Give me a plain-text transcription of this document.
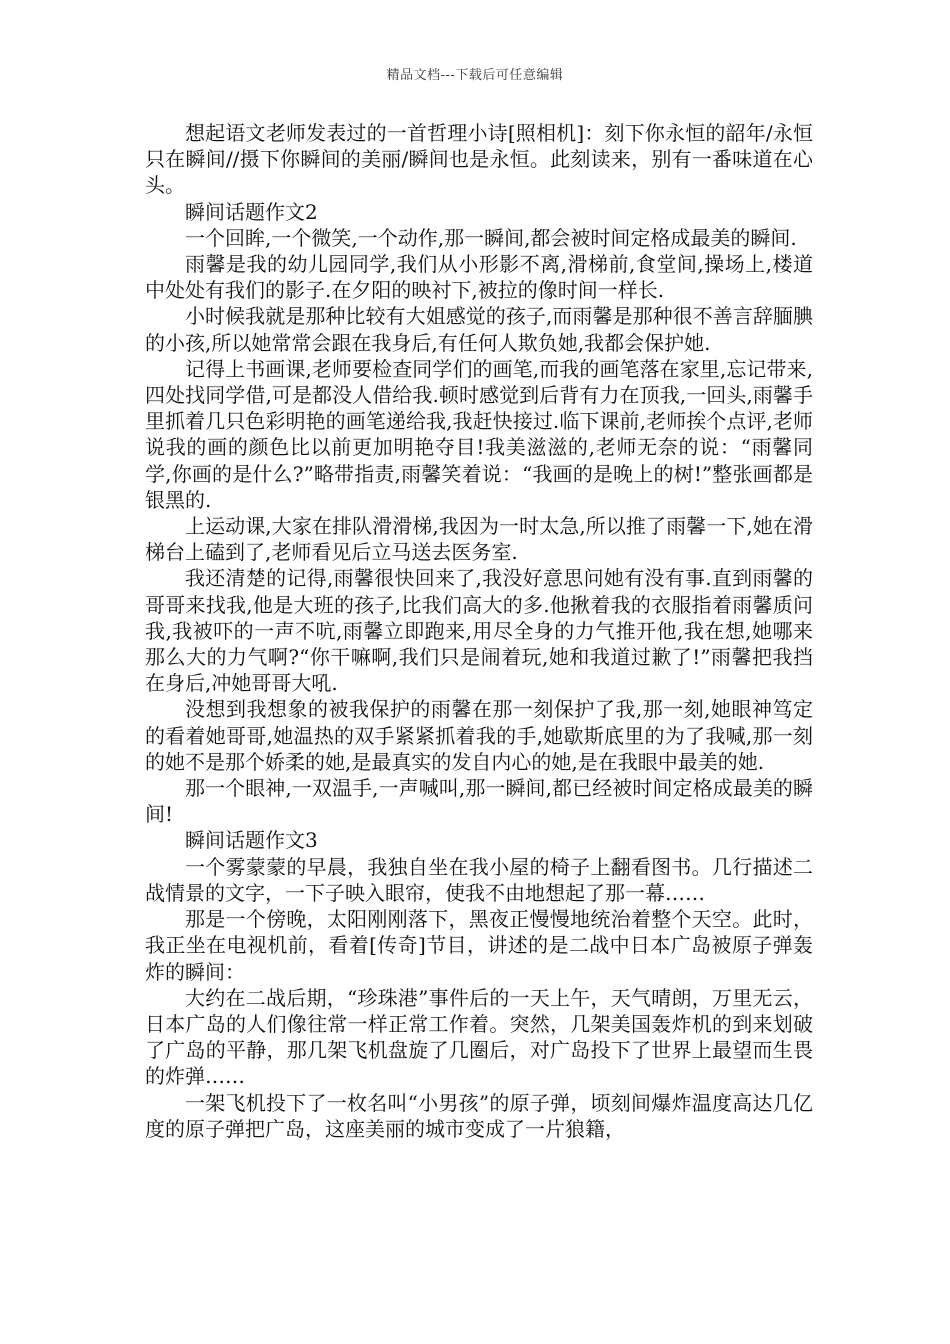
精品文档---下载后可任意编辑

想起语文老师发表过的一首哲理小诗[照相机]：刻下你永恒的韶年/永恒只在瞬间//摄下你瞬间的美丽/瞬间也是永恒。此刻读来，别有一番味道在心头。

瞬间话题作文2

一个回眸,一个微笑,一个动作,那一瞬间,都会被时间定格成最美的瞬间.

雨馨是我的幼儿园同学,我们从小形影不离,滑梯前,食堂间,操场上,楼道中处处有我们的影子.在夕阳的映衬下,被拉的像时间一样长.

小时候我就是那种比较有大姐感觉的孩子,而雨馨是那种很不善言辞腼腆的小孩,所以她常常会跟在我身后,有任何人欺负她,我都会保护她.

记得上书画课,老师要检查同学们的画笔,而我的画笔落在家里,忘记带来,四处找同学借,可是都没人借给我.顿时感觉到后背有力在顶我,一回头,雨馨手里抓着几只色彩明艳的画笔递给我,我赶快接过.临下课前,老师挨个点评,老师说我的画的颜色比以前更加明艳夺目!我美滋滋的,老师无奈的说：“雨馨同学,你画的是什么?”略带指责,雨馨笑着说：“我画的是晚上的树!”整张画都是银黑的.

上运动课,大家在排队滑滑梯,我因为一时太急,所以推了雨馨一下,她在滑梯台上磕到了,老师看见后立马送去医务室.

我还清楚的记得,雨馨很快回来了,我没好意思问她有没有事.直到雨馨的哥哥来找我,他是大班的孩子,比我们高大的多.他揪着我的衣服指着雨馨质问我,我被吓的一声不吭,雨馨立即跑来,用尽全身的力气推开他,我在想,她哪来那么大的力气啊?“你干嘛啊,我们只是闹着玩,她和我道过歉了!”雨馨把我挡在身后,冲她哥哥大吼.

没想到我想象的被我保护的雨馨在那一刻保护了我,那一刻,她眼神笃定的看着她哥哥,她温热的双手紧紧抓着我的手,她歇斯底里的为了我喊,那一刻的她不是那个娇柔的她,是最真实的发自内心的她,是在我眼中最美的她.

那一个眼神,一双温手,一声喊叫,那一瞬间,都已经被时间定格成最美的瞬间!

瞬间话题作文3

一个雾蒙蒙的早晨，我独自坐在我小屋的椅子上翻看图书。几行描述二战情景的文字，一下子映入眼帘，使我不由地想起了那一幕……

那是一个傍晚，太阳刚刚落下，黑夜正慢慢地统治着整个天空。此时，我正坐在电视机前，看着[传奇]节目，讲述的是二战中日本广岛被原子弹轰炸的瞬间：

大约在二战后期，“珍珠港”事件后的一天上午，天气晴朗，万里无云，日本广岛的人们像往常一样正常工作着。突然，几架美国轰炸机的到来划破了广岛的平静，那几架飞机盘旋了几圈后，对广岛投下了世界上最望而生畏的炸弹……

一架飞机投下了一枚名叫“小男孩”的原子弹，顷刻间爆炸温度高达几亿度的原子弹把广岛，这座美丽的城市变成了一片狼籍，
